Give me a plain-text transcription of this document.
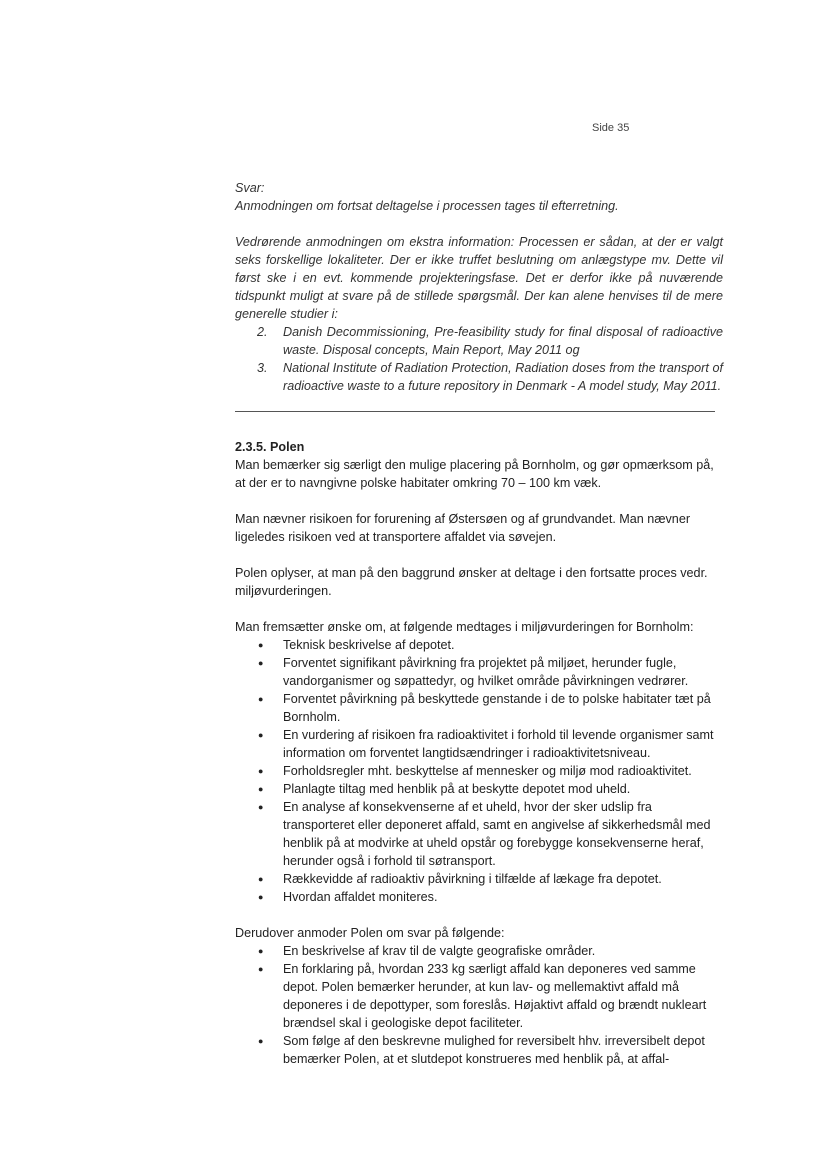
Side 35

Svar:

Anmodningen om fortsat deltagelse i processen tages til efterretning.

Vedrørende anmodningen om ekstra information: Processen er sådan, at der er valgt seks forskellige lokaliteter. Der er ikke truffet beslutning om anlægstype mv. Dette vil først ske i en evt. kommende projekteringsfase. Det er derfor ikke på nuværende tidspunkt muligt at svare på de stillede spørgsmål. Der kan alene henvises til de mere generelle studier i:

2. Danish Decommissioning, Pre-feasibility study for final disposal of radioactive waste. Disposal concepts, Main Report, May 2011 og
3. National Institute of Radiation Protection, Radiation doses from the transport of radioactive waste to a future repository in Denmark - A model study, May 2011.
2.3.5. Polen

Man bemærker sig særligt den mulige placering på Bornholm, og gør opmærksom på, at der er to navngivne polske habitater omkring 70 – 100 km væk.

Man nævner risikoen for forurening af Østersøen og af grundvandet. Man nævner ligeledes risikoen ved at transportere affaldet via søvejen.

Polen oplyser, at man på den baggrund ønsker at deltage i den fortsatte proces vedr. miljøvurderingen.

Man fremsætter ønske om, at følgende medtages i miljøvurderingen for Bornholm:

● Teknisk beskrivelse af depotet.
● Forventet signifikant påvirkning fra projektet på miljøet, herunder fugle, vandorganismer og søpattedyr, og hvilket område påvirkningen vedrører.
● Forventet påvirkning på beskyttede genstande i de to polske habitater tæt på Bornholm.
● En vurdering af risikoen fra radioaktivitet i forhold til levende organismer samt information om forventet langtidsændringer i radioaktivitetsniveau.
● Forholdsregler mht. beskyttelse af mennesker og miljø mod radioaktivitet.
● Planlagte tiltag med henblik på at beskytte depotet mod uheld.
● En analyse af konsekvenserne af et uheld, hvor der sker udslip fra transporteret eller deponeret affald, samt en angivelse af sikkerhedsmål med henblik på at modvirke at uheld opstår og forebygge konsekvenserne heraf, herunder også i forhold til søtransport.
● Rækkevidde af radioaktiv påvirkning i tilfælde af lækage fra depotet.
● Hvordan affaldet moniteres.

Derudover anmoder Polen om svar på følgende:

● En beskrivelse af krav til de valgte geografiske områder.
● En forklaring på, hvordan 233 kg særligt affald kan deponeres ved samme depot. Polen bemærker herunder, at kun lav- og mellemaktivt affald må deponeres i de depottyper, som foreslås. Højaktivt affald og brændt nukleart brændsel skal i geologiske depot faciliteter.
● Som følge af den beskrevne mulighed for reversibelt hhv. irreversibelt depot bemærker Polen, at et slutdepot konstrueres med henblik på, at affal-
